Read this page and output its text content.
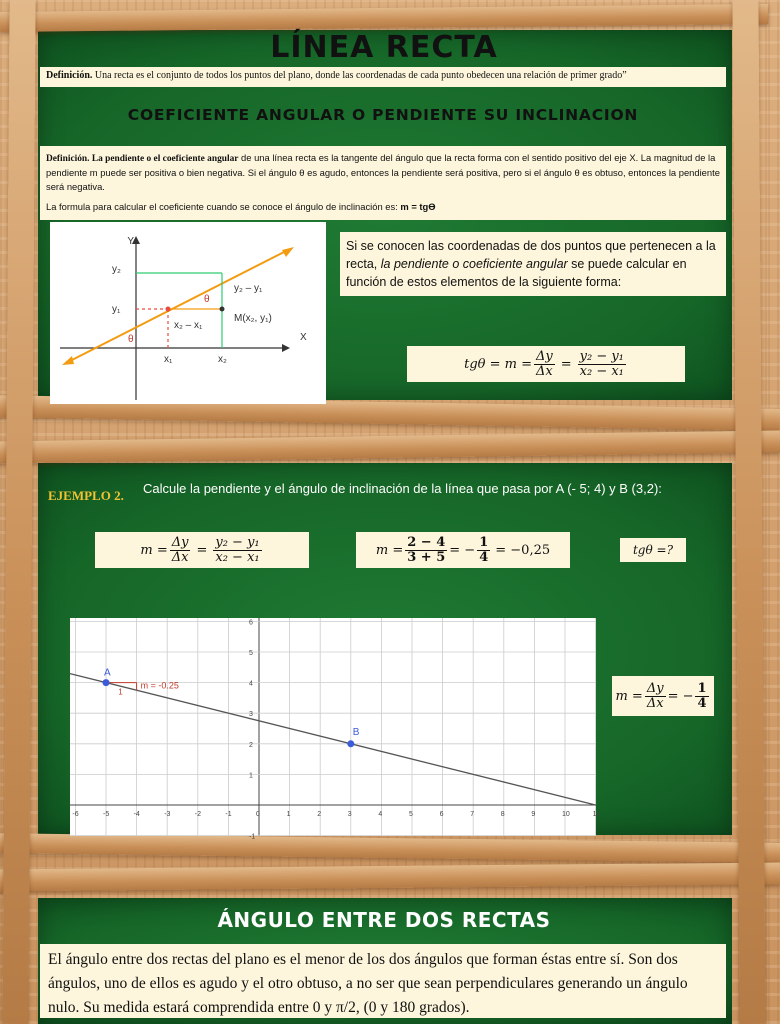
LÍNEA RECTA
Definición. Una recta es el conjunto de todos los puntos del plano, donde las coordenadas de cada punto obedecen una relación de primer grado”
COEFICIENTE ANGULAR O PENDIENTE SU INCLINACION

Definición. La pendiente o el coeficiente angular de una línea recta es la tangente del ángulo que la recta forma con el sentido positivo del eje X. La magnitud de la pendiente m puede ser positiva o bien negativa. Si el ángulo θ es agudo, entonces la pendiente será positiva, pero si el ángulo θ es obtuso, entonces la pendiente será negativa.

La formula para calcular el coeficiente cuando se conoce el ángulo de inclinación es: m = tgϴ

Y
X
y₂
y₁
x₁	x₂
y₂ – y₁
x₂ – x₁
M(x₂, y₁)
θ
θ
Si se conocen las coordenadas de dos puntos que pertenecen a la recta, la pendiente o coeficiente angular se puede calcular en función de estos elementos de la siguiente forma:
$tg\theta = m = \frac{\Delta y}{\Delta x} = \frac{\text{y₂ − y₁}}{\text{x₂ − x₁}}$
EJEMPLO 2. Calcule la pendiente y el ángulo de inclinación de la línea que pasa por A (- 5; 4) y B (3,2):
$m = \frac{\Delta y}{\Delta x} = \frac{\text{y₂ − y₁}}{\text{x₂ − x₁}}$	$m = \frac{2 - 4}{3 + 5}$ = − $\frac{1}{4} = -0,25$	tgθ =?
$m = \frac{\Delta y}{\Delta x}$ = − $\frac{1}{4}$
-6	-5	-4	-3	-2	-1	0	1	2	3	4	5	6	7	8	9	10	11
6
5
4
3
2
1
-1
A
B
m = -0.25
1
ÁNGULO ENTRE DOS RECTAS
El ángulo entre dos rectas del plano es el menor de los dos ángulos que forman éstas entre sí. Son dos ángulos, uno de ellos es agudo y el otro obtuso, a no ser que sean perpendiculares generando un ángulo nulo. Su medida estará comprendida entre 0 y π/2, (0 y 180 grados).
